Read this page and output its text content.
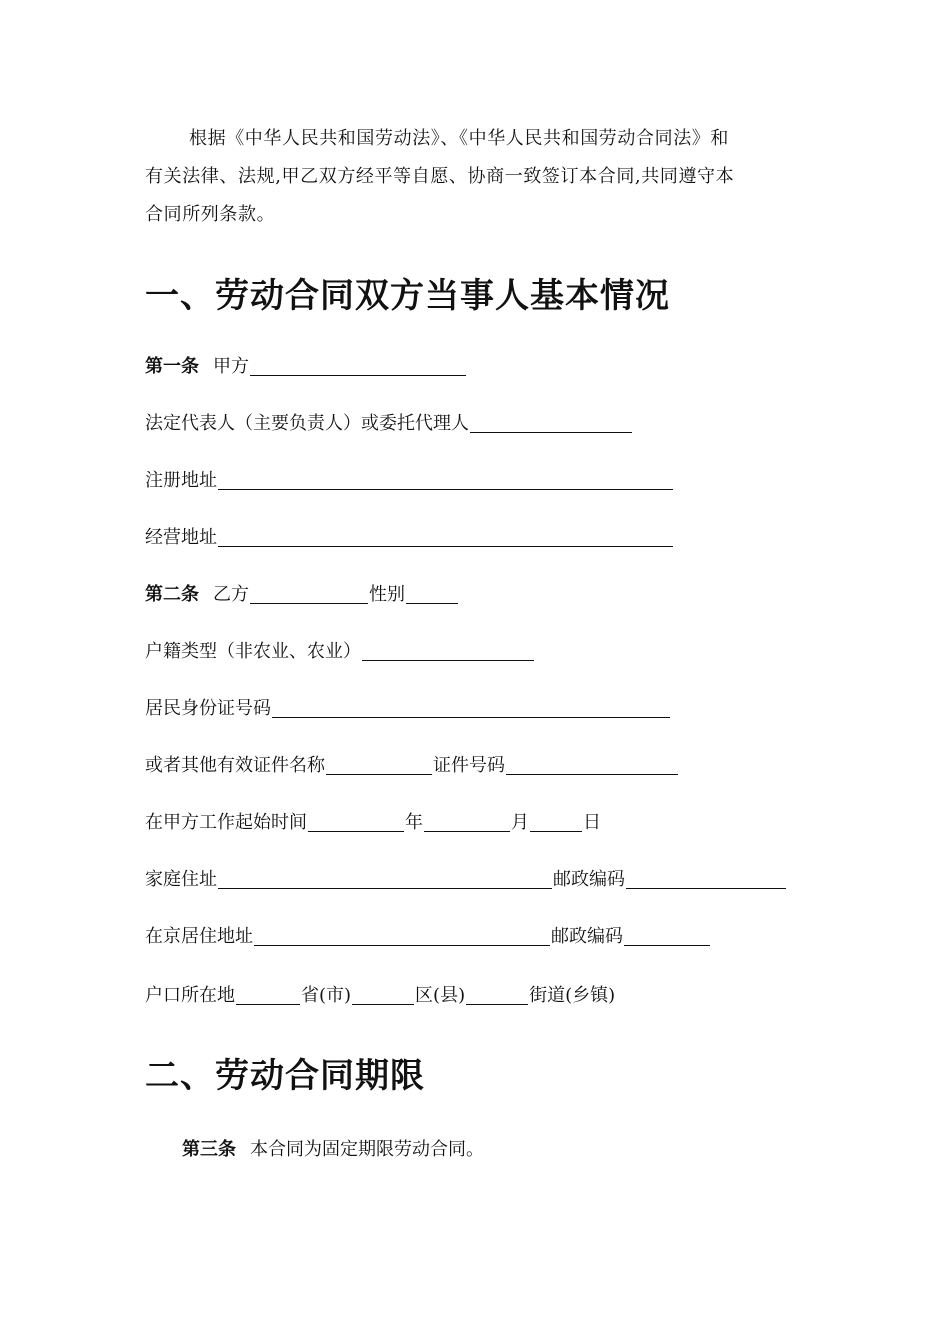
根据《中华人民共和国劳动法》、《中华人民共和国劳动合同法》和
有关法律、法规,甲乙双方经平等自愿、协商一致签订本合同,共同遵守本
合同所列条款。
一、劳动合同双方当事人基本情况
第一条 甲方
法定代表人（主要负责人）或委托代理人
注册地址
经营地址
第二条 乙方	性别
户籍类型（非农业、农业）
居民身份证号码
或者其他有效证件名称	证件号码
在甲方工作起始时间	年	月	日
家庭住址	邮政编码
在京居住地址	邮政编码
户口所在地	省(市)	区(县)	街道(乡镇)
二、劳动合同期限
第三条 本合同为固定期限劳动合同。
